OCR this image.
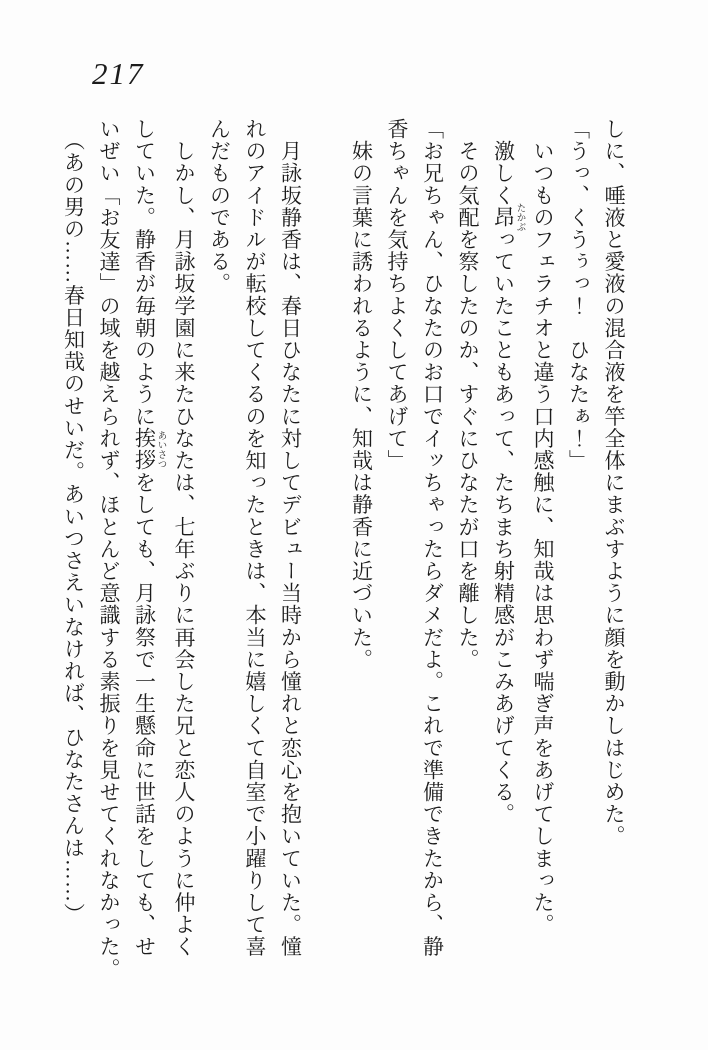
217
しに、唾液と愛液の混合液を竿全体にまぶすように顔を動かしはじめた。
「うっ、くうぅっ！　ひなたぁ！」
　いつものフェラチオと違う口内感触に、知哉は思わず喘ぎ声をあげてしまった。
　激しく昂 たかぶっていたこともあって、たちまち射精感がこみあげてくる。
　その気配を察したのか、すぐにひなたが口を離した。
「お兄ちゃん、ひなたのお口でイッちゃったらダメだよ。これで準備できたから、静
香ちゃんを気持ちよくしてあげて」
　妹の言葉に誘われるように、知哉は静香に近づいた。
　月詠坂静香は、春日ひなたに対してデビュー当時から憧れと恋心を抱いていた。憧
れのアイドルが転校してくるのを知ったときは、本当に嬉しくて自室で小躍りして喜
んだものである。
　しかし、月詠坂学園に来たひなたは、七年ぶりに再会した兄と恋人のように仲よく
していた。静香が毎朝のように挨拶 あいさつをしても、月詠祭で一生懸命に世話をしても、せ
いぜい「お友達」の域を越えられず、ほとんど意識する素振りを見せてくれなかった。
　（あの男の……春日知哉のせいだ。あいつさえいなければ、ひなたさんは……）
